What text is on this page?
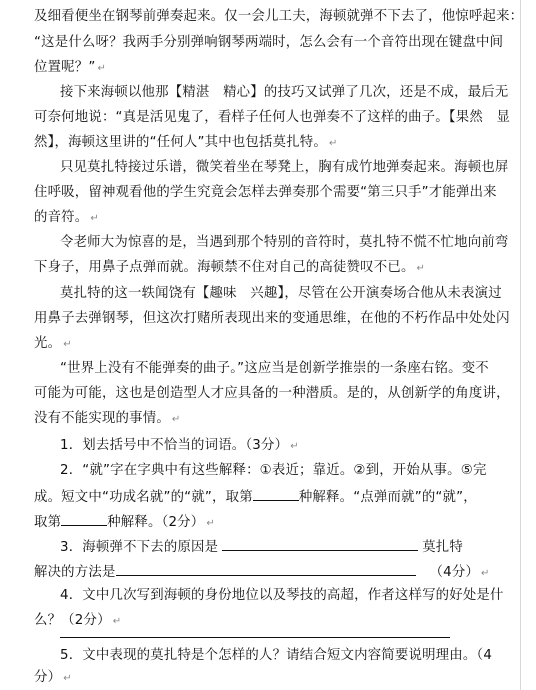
及细看便坐在钢琴前弹奏起来。仅一会儿工夫，海顿就弹不下去了，他惊呼起来：
“这是什么呀？我两手分别弹响钢琴两端时，怎么会有一个音符出现在键盘中间
位置呢？” ↵
接下来海顿以他那【精湛　精心】的技巧又试弹了几次，还是不成，最后无
可奈何地说：“真是活见鬼了，看样子任何人也弹奏不了这样的曲子。【果然　显
然】，海顿这里讲的“任何人”其中也包括莫扎特。 ↵
只见莫扎特接过乐谱，微笑着坐在琴凳上，胸有成竹地弹奏起来。海顿也屏
住呼吸，留神观看他的学生究竟会怎样去弹奏那个需要“第三只手”才能弹出来
的音符。 ↵
令老师大为惊喜的是，当遇到那个特别的音符时，莫扎特不慌不忙地向前弯
下身子，用鼻子点弹而就。海顿禁不住对自己的高徒赞叹不已。 ↵
莫扎特的这一轶闻饶有【趣味　兴趣】，尽管在公开演奏场合他从未表演过
用鼻子去弹钢琴，但这次打赌所表现出来的变通思维，在他的不朽作品中处处闪
光。 ↵
“世界上没有不能弹奏的曲子。”这应当是创新学推崇的一条座右铭。变不
可能为可能，这也是创造型人才应具备的一种潜质。是的，从创新学的角度讲，
没有不能实现的事情。 ↵
1．划去括号中不恰当的词语。（3分） ↵
2．“就”字在字典中有这些解释：①表近；靠近。②到，开始从事。⑤完
成。短文中“功成名就”的“就”，取第	种解释。“点弹而就”的“就”，
取第	种解释。（2分） ↵
3．海顿弹不下去的原因是	莫扎特
解决的方法是	（4分） ↵
4．文中几次写到海顿的身份地位以及琴技的高超，作者这样写的好处是什
么？（2分） ↵
5．文中表现的莫扎特是个怎样的人？请结合短文内容简要说明理由。（4
分） ↵
